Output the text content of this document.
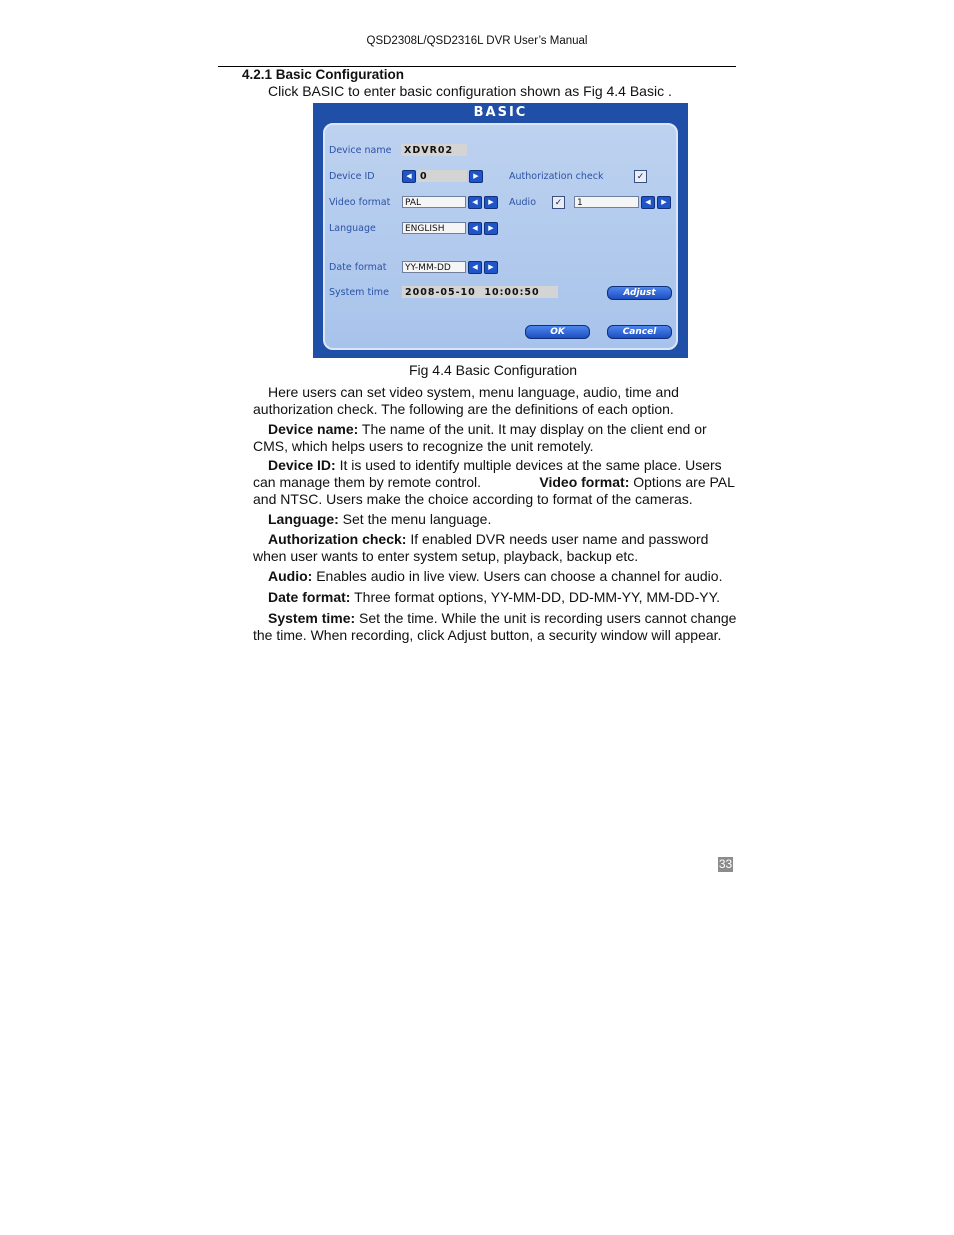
QSD2308L/QSD2316L DVR User’s Manual
4.2.1 Basic Configuration
Click BASIC to enter basic configuration shown as Fig 4.4 Basic .
BASIC
Device name	XDVR02
Device ID	◀ 0	▶	Authorization check	✓
Video format	PAL	◀	▶	Audio	✓	1	◀	▶
Language	ENGLISH	◀	▶
Date format	YY-MM-DD	◀	▶
System time	2008-05-10  10:00:50	Adjust
OK	Cancel
Fig 4.4 Basic Configuration

Here users can set video system, menu language, audio, time and authorization check. The following are the definitions of each option.

Device name: The name of the unit. It may display on the client end or CMS, which helps users to recognize the unit remotely.

Device ID: It is used to identify multiple devices at the same place. Users can manage them by remote control.	Video format: Options are PAL and NTSC. Users make the choice according to format of the cameras.

Language: Set the menu language.

Authorization check: If enabled DVR needs user name and password when user wants to enter system setup, playback, backup etc.

Audio: Enables audio in live view. Users can choose a channel for audio.

Date format: Three format options, YY-MM-DD, DD-MM-YY, MM-DD-YY.

System time: Set the time. While the unit is recording users cannot change the time. When recording, click Adjust button, a security window will appear.

33
